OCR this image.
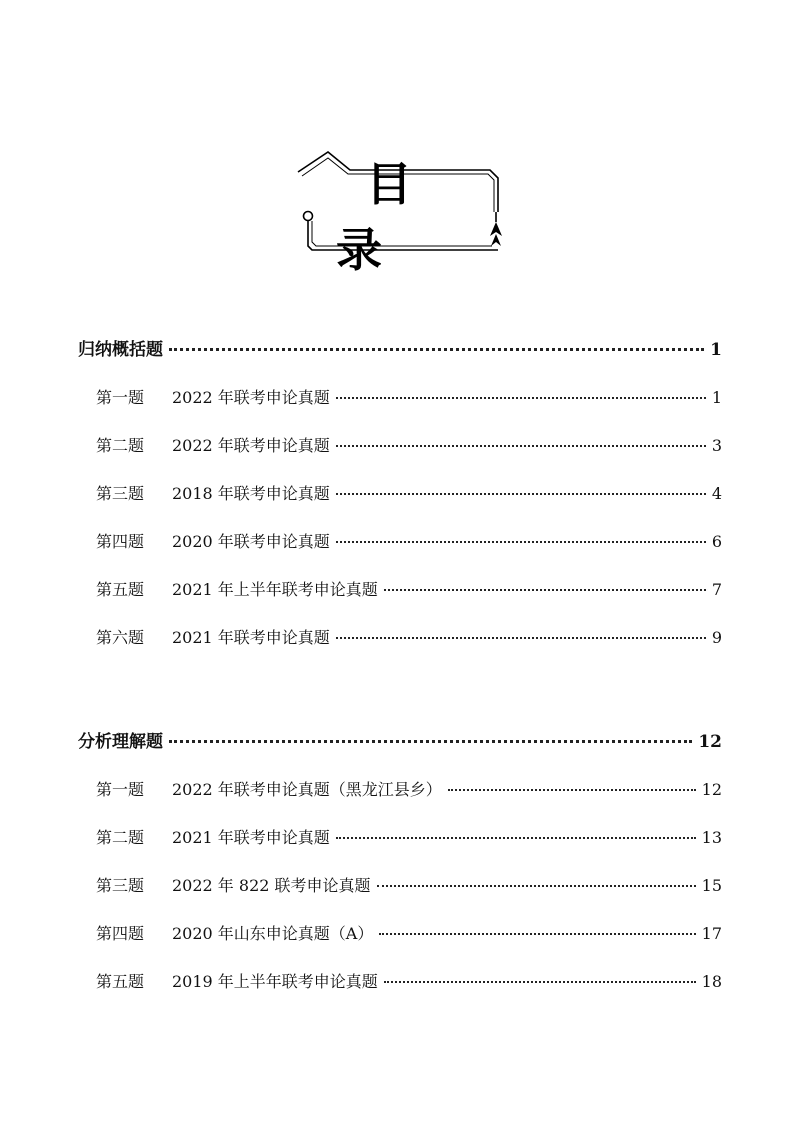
目 录
归纳概括题	1
第一题	2022 年联考申论真题	1
第二题	2022 年联考申论真题	3
第三题	2018 年联考申论真题	4
第四题	2020 年联考申论真题	6
第五题	2021 年上半年联考申论真题	7
第六题	2021 年联考申论真题	9
分析理解题	12
第一题	2022 年联考申论真题（黑龙江县乡）	12
第二题	2021 年联考申论真题	13
第三题	2022 年 822 联考申论真题	15
第四题	2020 年山东申论真题（A）	17
第五题	2019 年上半年联考申论真题	18
